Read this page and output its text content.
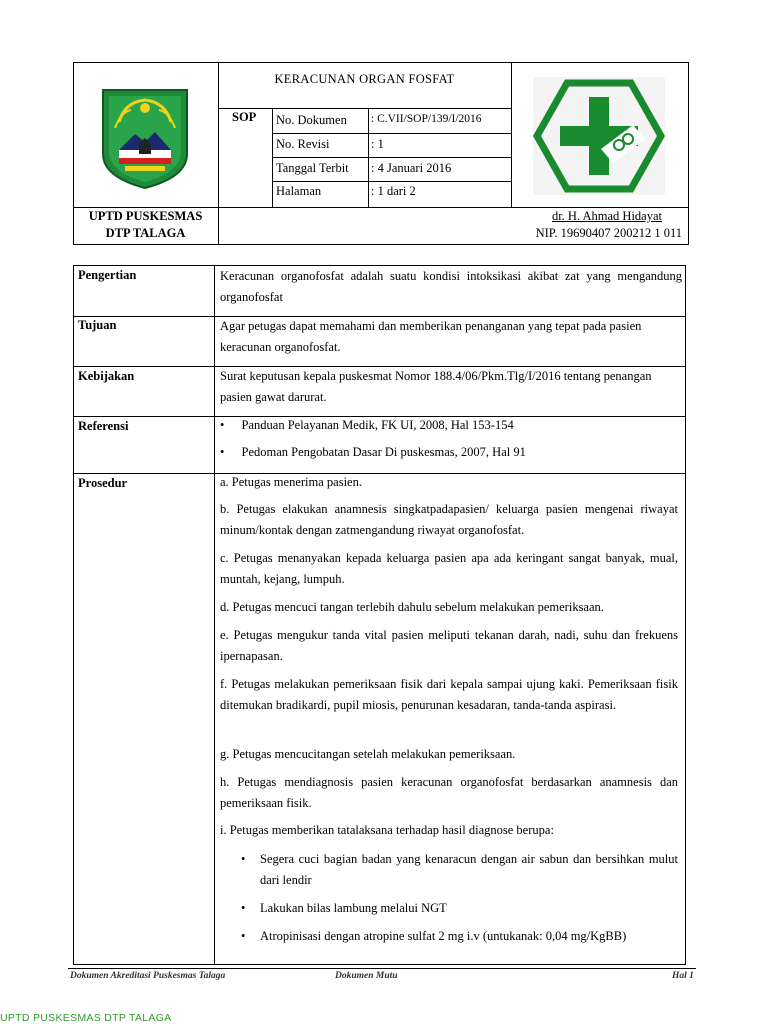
KERACUNAN ORGAN FOSFAT
SOP No. Dokumen : C.VII/SOP/139/I/2016
No. Revisi	: 1
Tanggal Terbit : 4 Januari 2016
Halaman	: 1 dari 2
UPTD PUSKESMAS
DTP TALAGA
dr. H. Ahmad Hidayat
NIP. 19690407 200212 1 011
Pengertian	Keracunan organofosfat adalah suatu kondisi intoksikasi akibat zat yang mengandung organofosfat
Tujuan	Agar petugas dapat memahami dan memberikan penanganan yang tepat pada pasien keracunan organofosfat.
Kebijakan	Surat keputusan kepala puskesmat Nomor 188.4/06/Pkm.Tlg/I/2016 tentang penangan pasien gawat darurat.
Referensi	• Panduan Pelayanan Medik, FK UI, 2008, Hal 153-154
• Pedoman Pengobatan Dasar Di puskesmas, 2007, Hal 91
Prosedur	a. Petugas menerima pasien.
b. Petugas elakukan anamnesis singkatpadapasien/ keluarga pasien mengenai riwayat minum/kontak dengan zatmengandung riwayat organofosfat.
c. Petugas menanyakan kepada keluarga pasien apa ada keringant sangat banyak, mual, muntah, kejang, lumpuh.
d. Petugas mencuci tangan terlebih dahulu sebelum melakukan pemeriksaan.
e. Petugas mengukur tanda vital pasien meliputi tekanan darah, nadi, suhu dan frekuens ipernapasan.
f. Petugas melakukan pemeriksaan fisik dari kepala sampai ujung kaki. Pemeriksaan fisik ditemukan bradikardi, pupil miosis, penurunan kesadaran, tanda-tanda aspirasi.
g. Petugas mencucitangan setelah melakukan pemeriksaan.
h. Petugas mendiagnosis pasien keracunan organofosfat berdasarkan anamnesis dan pemeriksaan fisik.
i. Petugas memberikan tatalaksana terhadap hasil diagnose berupa:
• Segera cuci bagian badan yang kenaracun dengan air sabun dan bersihkan mulut dari lendir
• Lakukan bilas lambung melalui NGT
• Atropinisasi dengan atropine sulfat 2 mg i.v (untukanak: 0,04 mg/KgBB)
Dokumen Akreditasi Puskesmas Talaga	Dokumen Mutu	Hal 1
UPTD PUSKESMAS DTP TALAGA
